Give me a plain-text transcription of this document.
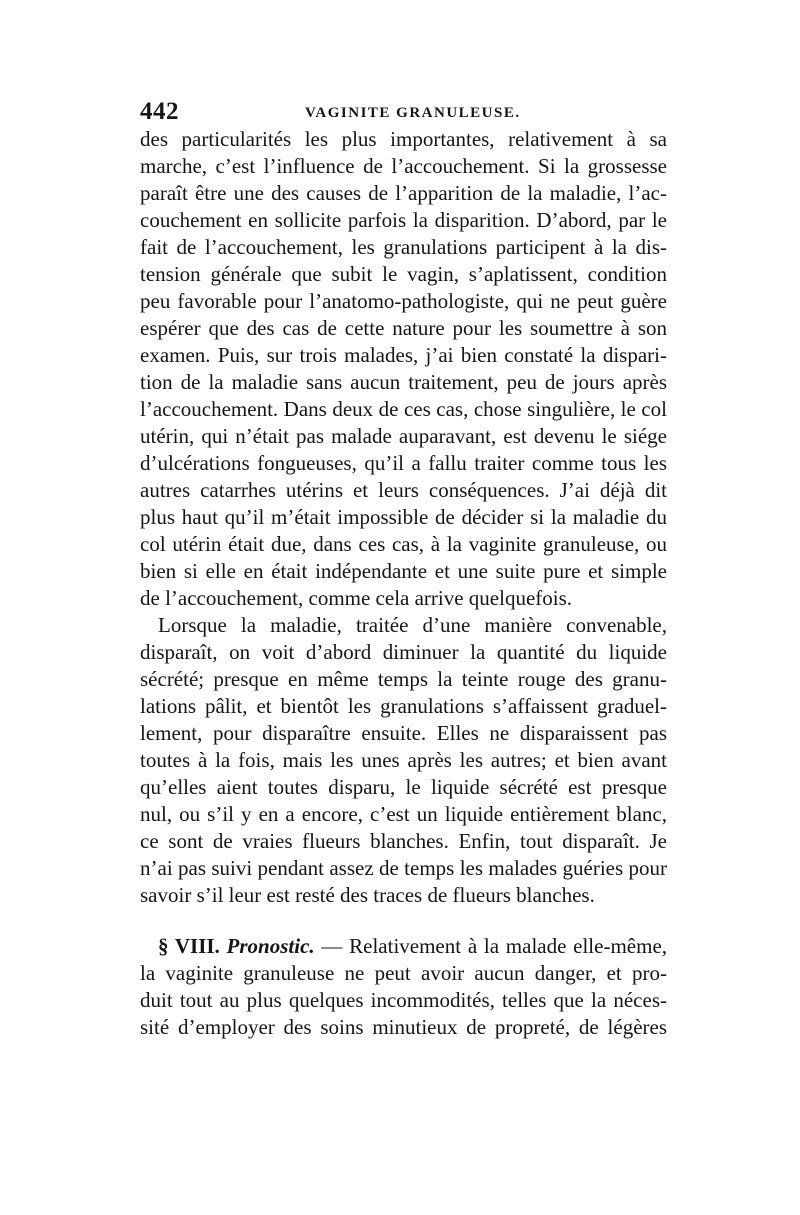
442	VAGINITE GRANULEUSE.
des particularités les plus importantes, relativement à sa
marche, c’est l’influence de l’accouchement. Si la grossesse
paraît être une des causes de l’apparition de la maladie, l’ac-
couchement en sollicite parfois la disparition. D’abord, par le
fait de l’accouchement, les granulations participent à la dis-
tension générale que subit le vagin, s’aplatissent, condition
peu favorable pour l’anatomo-pathologiste, qui ne peut guère
espérer que des cas de cette nature pour les soumettre à son
examen. Puis, sur trois malades, j’ai bien constaté la dispari-
tion de la maladie sans aucun traitement, peu de jours après
l’accouchement. Dans deux de ces cas, chose singulière, le col
utérin, qui n’était pas malade auparavant, est devenu le siége
d’ulcérations fongueuses, qu’il a fallu traiter comme tous les
autres catarrhes utérins et leurs conséquences. J’ai déjà dit
plus haut qu’il m’était impossible de décider si la maladie du
col utérin était due, dans ces cas, à la vaginite granuleuse, ou
bien si elle en était indépendante et une suite pure et simple
de l’accouchement, comme cela arrive quelquefois.
Lorsque la maladie, traitée d’une manière convenable,
disparaît, on voit d’abord diminuer la quantité du liquide
sécrété; presque en même temps la teinte rouge des granu-
lations pâlit, et bientôt les granulations s’affaissent graduel-
lement, pour disparaître ensuite. Elles ne disparaissent pas
toutes à la fois, mais les unes après les autres; et bien avant
qu’elles aient toutes disparu, le liquide sécrété est presque
nul, ou s’il y en a encore, c’est un liquide entièrement blanc,
ce sont de vraies flueurs blanches. Enfin, tout disparaît. Je
n’ai pas suivi pendant assez de temps les malades guéries pour
savoir s’il leur est resté des traces de flueurs blanches.
§ VIII. Pronostic. — Relativement à la malade elle-même,
la vaginite granuleuse ne peut avoir aucun danger, et pro-
duit tout au plus quelques incommodités, telles que la néces-
sité d’employer des soins minutieux de propreté, de légères
